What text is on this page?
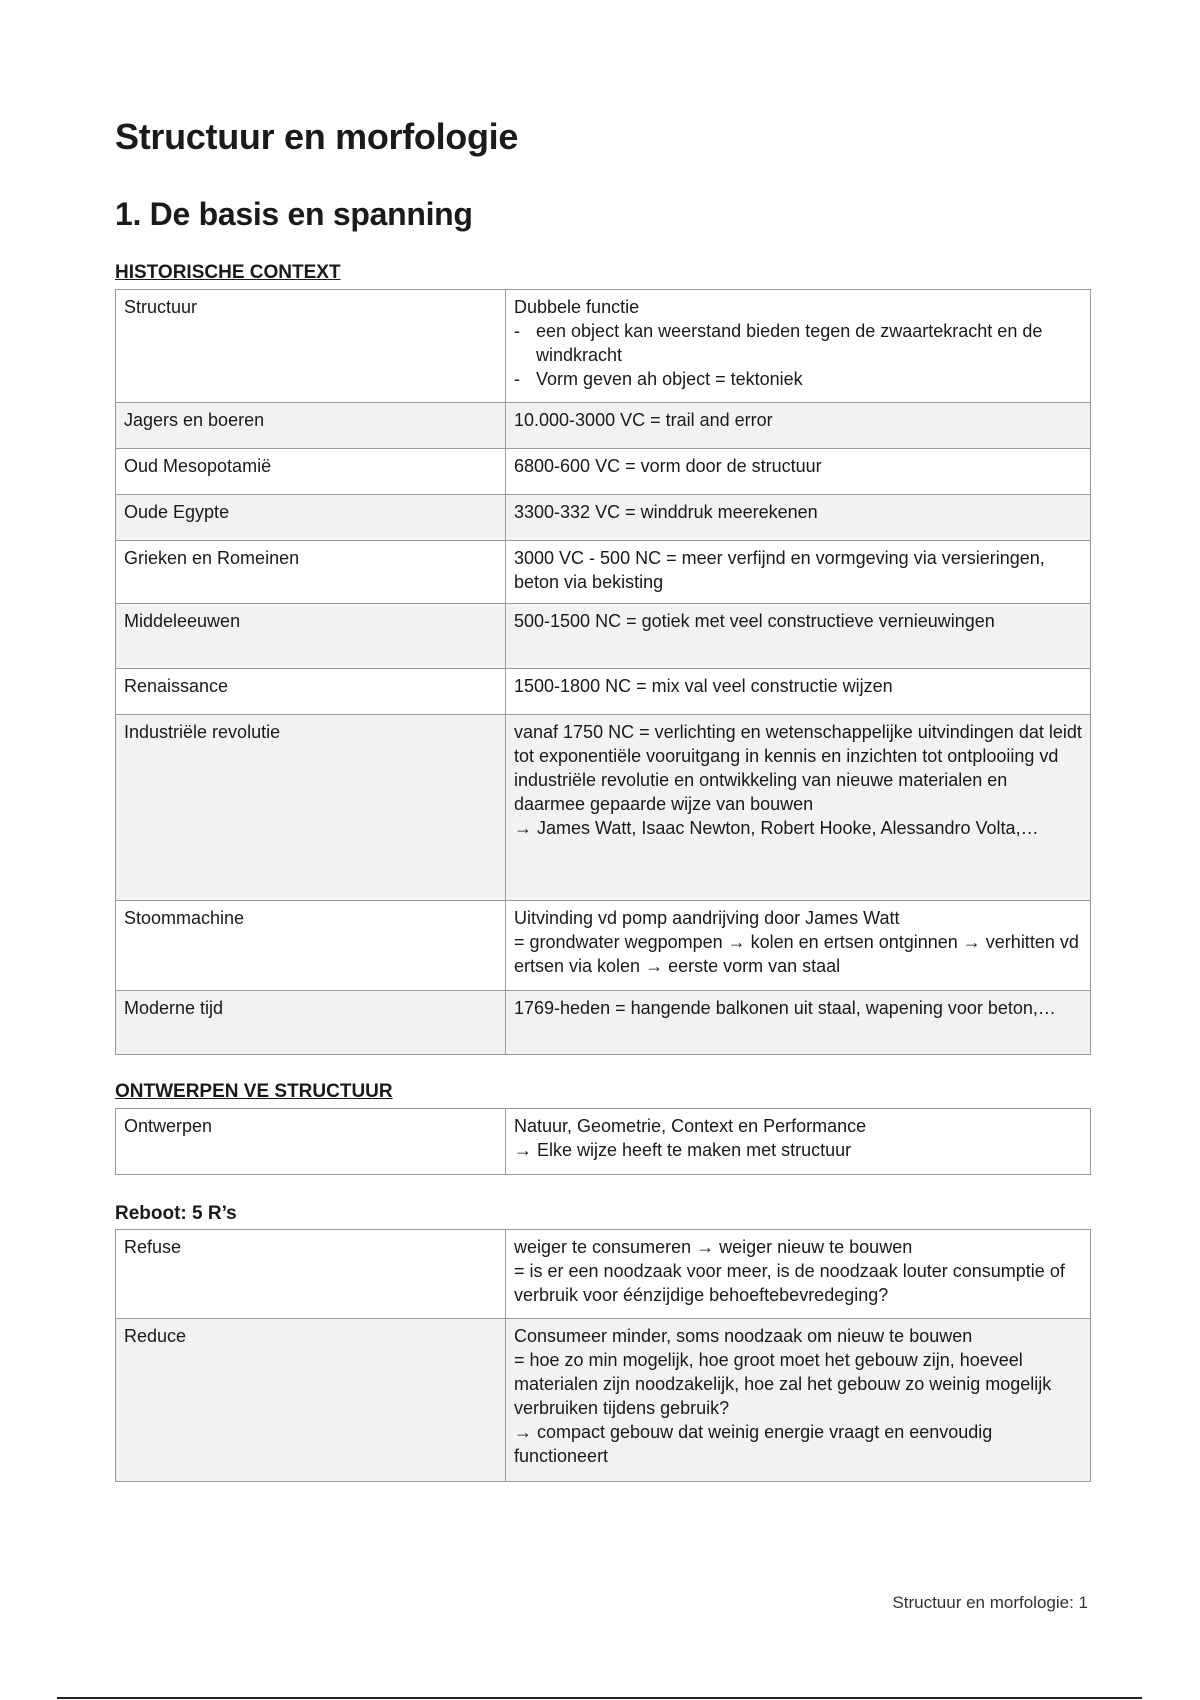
Structuur en morfologie
1. De basis en spanning
HISTORISCHE CONTEXT
Structuur	Dubbele functie
- een object kan weerstand bieden tegen de zwaartekracht en de windkracht
- Vorm geven ah object = tektoniek

Jagers en boeren	10.000-3000 VC = trail and error

Oud Mesopotamië	6800-600 VC = vorm door de structuur

Oude Egypte	3300-332 VC = winddruk meerekenen

Grieken en Romeinen	3000 VC - 500 NC = meer verfijnd en vormgeving via versieringen, beton via bekisting

Middeleeuwen	500-1500 NC = gotiek met veel constructieve vernieuwingen

Renaissance	1500-1800 NC = mix val veel constructie wijzen

Industriële revolutie	vanaf 1750 NC = verlichting en wetenschappelijke uitvindingen dat leidt tot exponentiële vooruitgang in kennis en inzichten tot ontplooiing vd industriële revolutie en ontwikkeling van nieuwe materialen en daarmee gepaarde wijze van bouwen
→ James Watt, Isaac Newton, Robert Hooke, Alessandro Volta,…

Stoommachine	Uitvinding vd pomp aandrijving door James Watt
= grondwater wegpompen → kolen en ertsen ontginnen → verhitten vd ertsen via kolen → eerste vorm van staal

Moderne tijd	1769-heden = hangende balkonen uit staal, wapening voor beton,…
ONTWERPEN VE STRUCTUUR
Ontwerpen	Natuur, Geometrie, Context en Performance
→ Elke wijze heeft te maken met structuur
Reboot: 5 R’s
Refuse	weiger te consumeren → weiger nieuw te bouwen
= is er een noodzaak voor meer, is de noodzaak louter consumptie of verbruik voor éénzijdige behoeftebevredeging?

Reduce	Consumeer minder, soms noodzaak om nieuw te bouwen
= hoe zo min mogelijk, hoe groot moet het gebouw zijn, hoeveel materialen zijn noodzakelijk, hoe zal het gebouw zo weinig mogelijk verbruiken tijdens gebruik?
→ compact gebouw dat weinig energie vraagt en eenvoudig functioneert
Structuur en morfologie: 1
